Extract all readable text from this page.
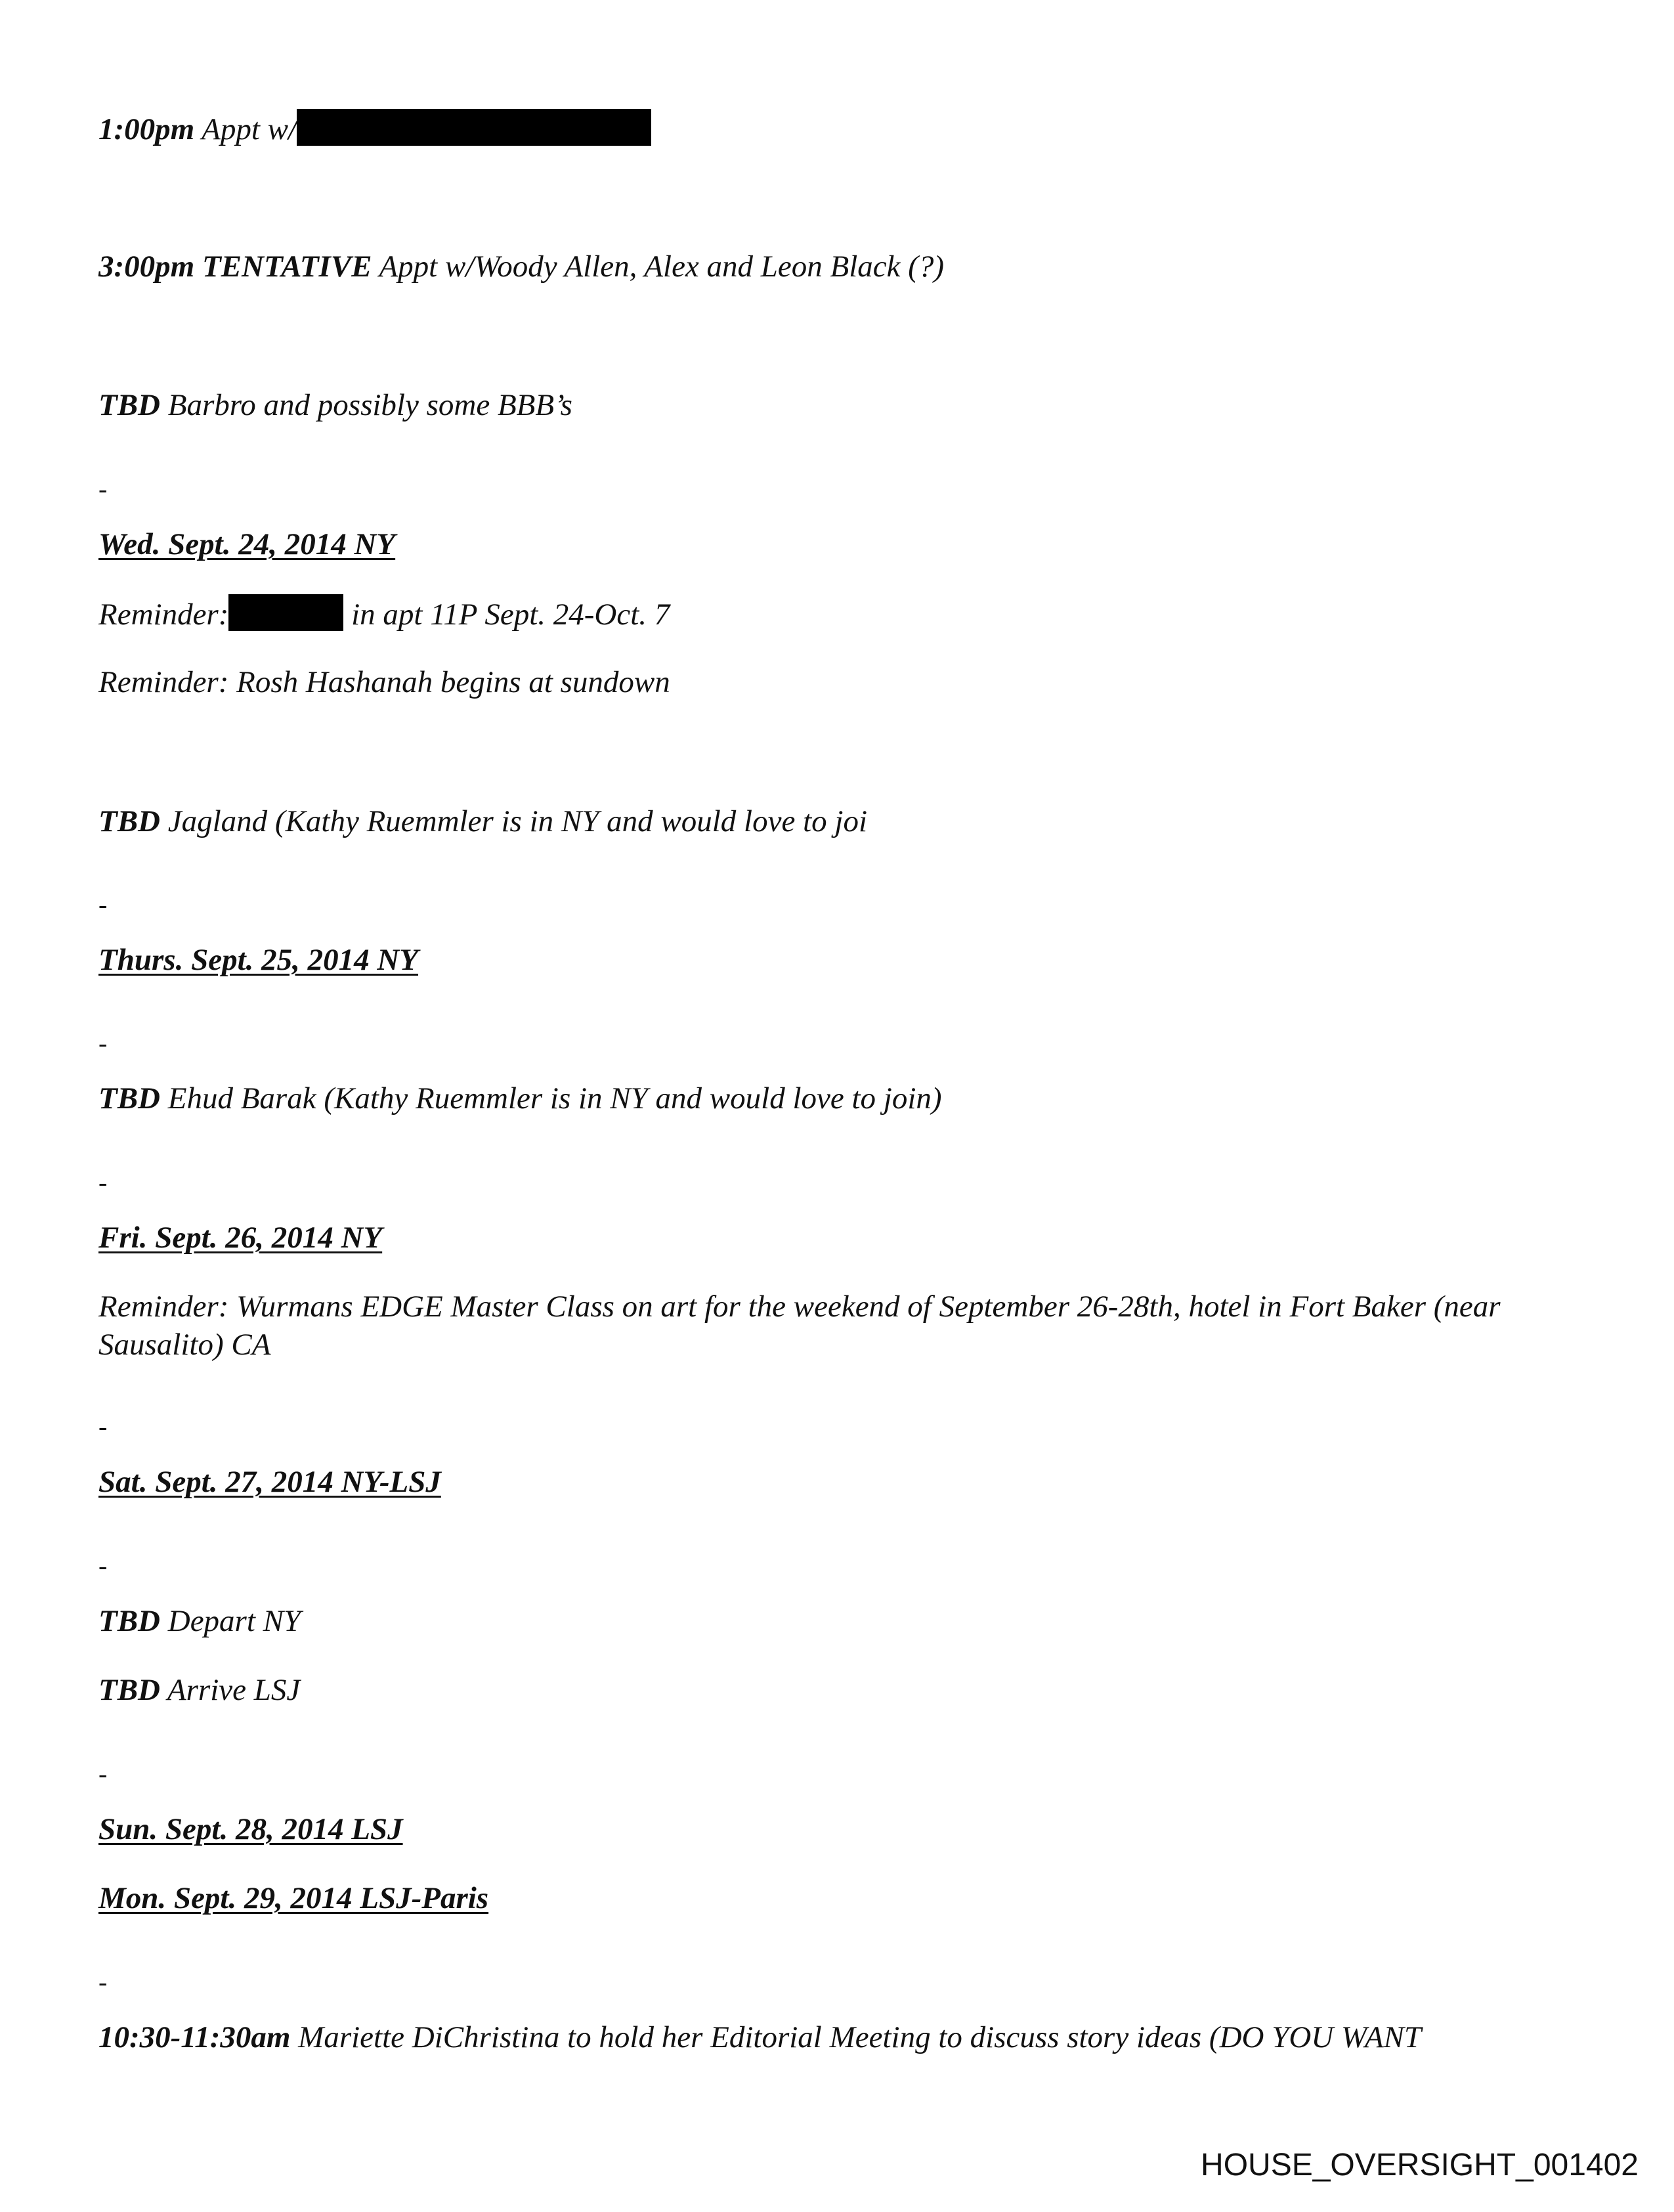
1:00pm Appt w/
3:00pm TENTATIVE Appt w/Woody Allen, Alex and Leon Black (?)
TBD Barbro and possibly some BBB’s
-
Wed. Sept. 24, 2014 NY
Reminder:	in apt 11P Sept. 24-Oct. 7
Reminder: Rosh Hashanah begins at sundown
TBD Jagland (Kathy Ruemmler is in NY and would love to joi
-
Thurs. Sept. 25, 2014 NY
-
TBD Ehud Barak (Kathy Ruemmler is in NY and would love to join)
-
Fri. Sept. 26, 2014 NY
Reminder: Wurmans EDGE Master Class on art for the weekend of September 26-28th, hotel in Fort Baker (near Sausalito) CA
-
Sat. Sept. 27, 2014 NY-LSJ
-
TBD Depart NY
TBD Arrive LSJ
-
Sun. Sept. 28, 2014 LSJ
Mon. Sept. 29, 2014 LSJ-Paris
-
10:30-11:30am Mariette DiChristina to hold her Editorial Meeting to discuss story ideas (DO YOU WANT
HOUSE_OVERSIGHT_001402
